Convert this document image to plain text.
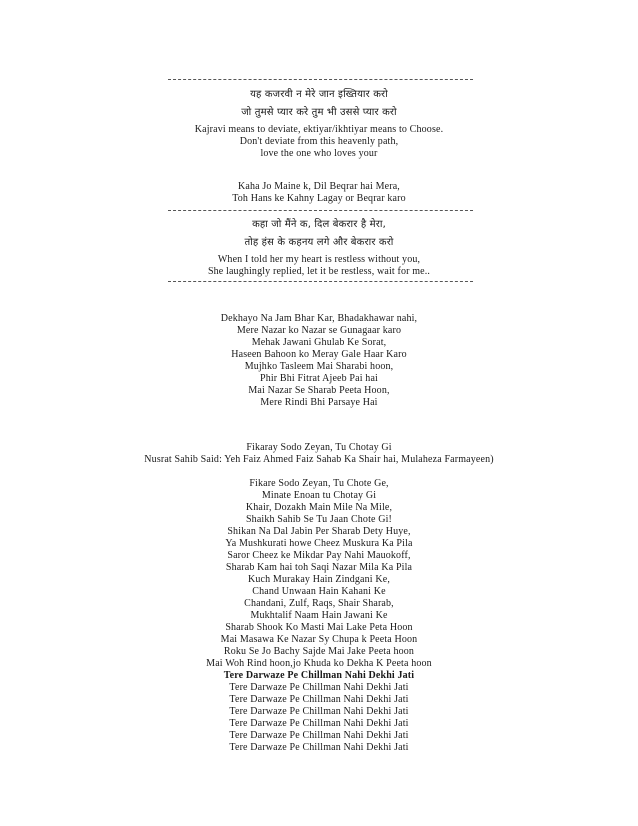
यह कजरवी न मेरे जान इख्तियार करो
जो तुमसे प्यार करे तुम भी उससे प्यार करो
Kajravi means to deviate, ektiyar/ikhtiyar means to Choose.
Don't deviate from this heavenly path,
love the one who loves your
Kaha Jo Maine k, Dil Beqrar hai Mera,
Toh Hans ke Kahny Lagay or Beqrar karo
कहा जो मैंने क, दिल बेकरार है मेरा,
तोह हंस के कहनय लगे और बेकरार करो
When I told her my heart is restless without you,
She laughingly replied, let it be restless, wait for me..
Dekhayo Na Jam Bhar Kar, Bhadakhawar nahi,
Mere Nazar ko Nazar se Gunagaar karo
Mehak Jawani Ghulab Ke Sorat,
Haseen Bahoon ko Meray Gale Haar Karo
Mujhko Tasleem Mai Sharabi hoon,
Phir Bhi Fitrat Ajeeb Pai hai
Mai Nazar Se Sharab Peeta Hoon,
Mere Rindi Bhi Parsaye Hai
Fikaray Sodo Zeyan, Tu Chotay Gi
Nusrat Sahib Said: Yeh Faiz Ahmed Faiz Sahab Ka Shair hai, Mulaheza Farmayeen)
Fikare Sodo Zeyan, Tu Chote Ge,
Minate Enoan tu Chotay Gi
Khair, Dozakh Main Mile Na Mile,
Shaikh Sahib Se Tu Jaan Chote Gi!
Shikan Na Dal Jabin Per Sharab Dety Huye,
Ya Mushkurati howe Cheez Muskura Ka Pila
Saror Cheez ke Mikdar Pay Nahi Mauokoff,
Sharab Kam hai toh Saqi Nazar Mila Ka Pila
Kuch Murakay Hain Zindgani Ke,
Chand Unwaan Hain Kahani Ke
Chandani, Zulf, Raqs, Shair Sharab,
Mukhtalif Naam Hain Jawani Ke
Sharab Shook Ko Masti Mai Lake Peta Hoon
Mai Masawa Ke Nazar Sy Chupa k Peeta Hoon
Roku Se Jo Bachy Sajde Mai Jake Peeta hoon
Mai Woh Rind hoon,jo Khuda ko Dekha K Peeta hoon
Tere Darwaze Pe Chillman Nahi Dekhi Jati
Tere Darwaze Pe Chillman Nahi Dekhi Jati
Tere Darwaze Pe Chillman Nahi Dekhi Jati
Tere Darwaze Pe Chillman Nahi Dekhi Jati
Tere Darwaze Pe Chillman Nahi Dekhi Jati
Tere Darwaze Pe Chillman Nahi Dekhi Jati
Tere Darwaze Pe Chillman Nahi Dekhi Jati
